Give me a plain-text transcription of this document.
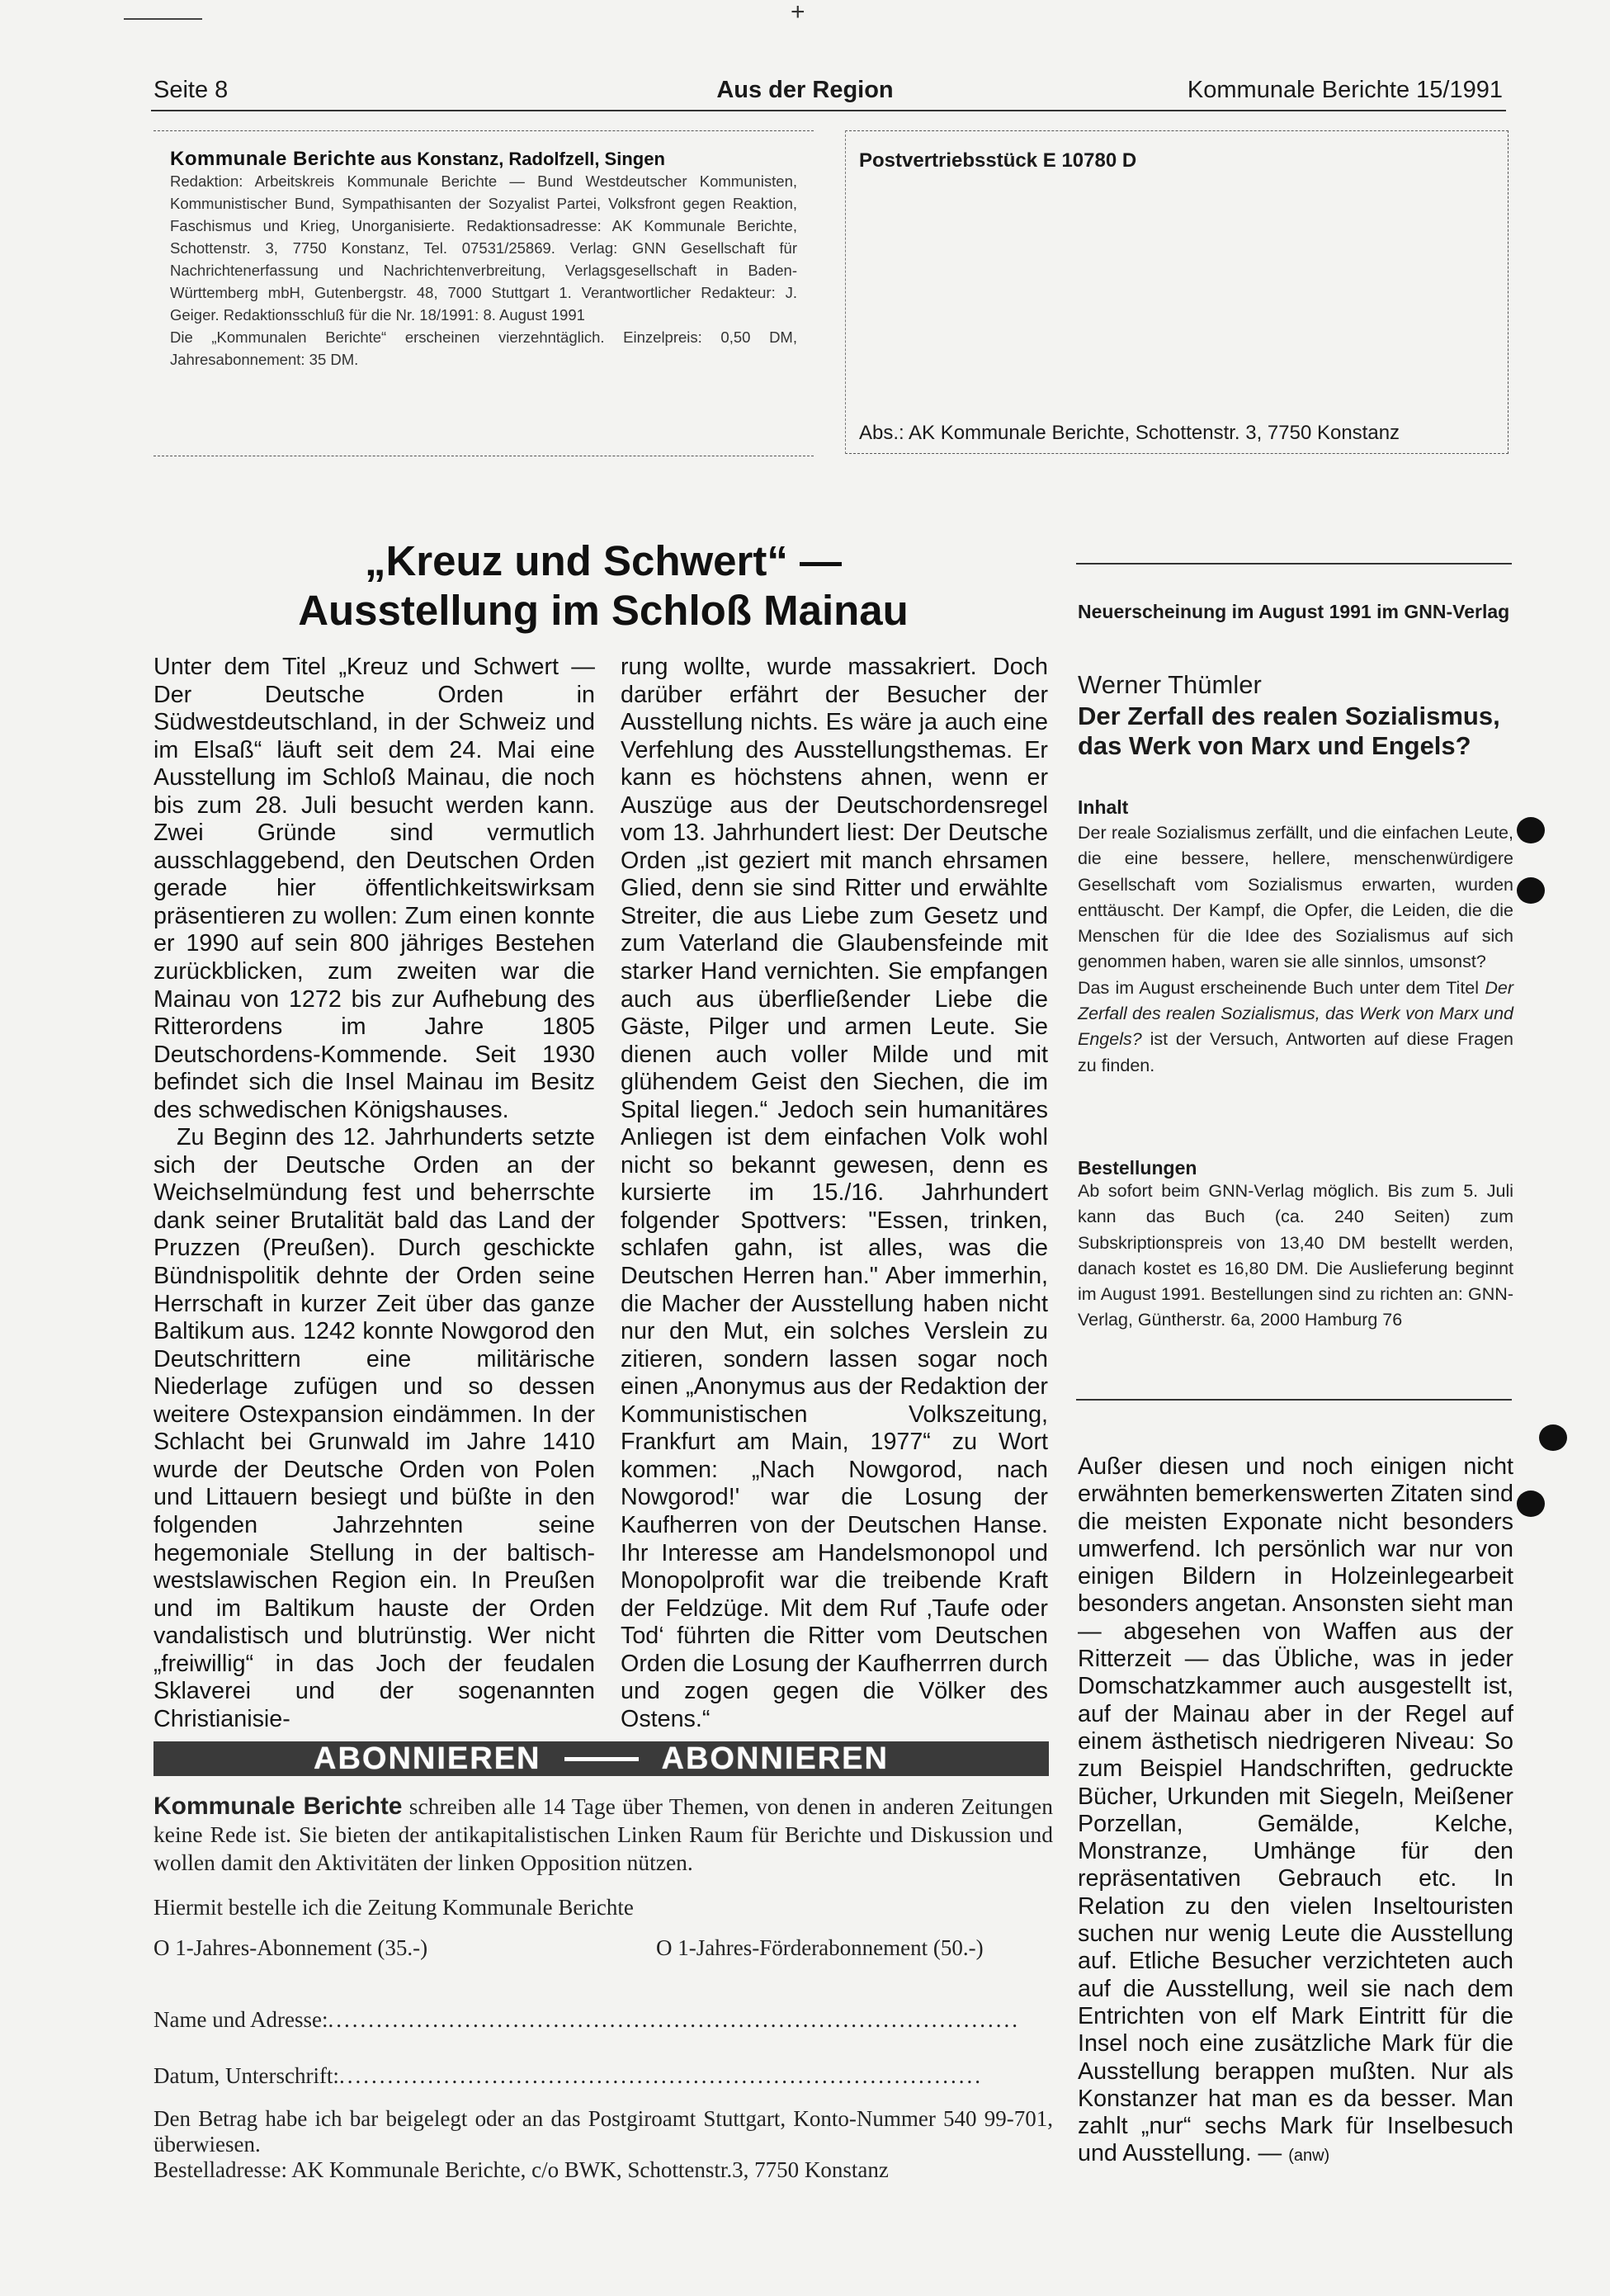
+
Seite 8	Aus der Region	Kommunale Berichte 15/1991
Kommunale Berichte aus Konstanz, Radolfzell, Singen

Redaktion: Arbeitskreis Kommunale Berichte — Bund Westdeutscher Kommunisten, Kommunistischer Bund, Sympathisanten der Sozyalist Partei, Volksfront gegen Reaktion, Faschismus und Krieg, Unorganisierte. Redaktionsadresse: AK Kommunale Berichte, Schottenstr. 3, 7750 Konstanz, Tel. 07531/25869. Verlag: GNN Gesellschaft für Nachrichtenerfassung und Nachrichtenverbreitung, Verlagsgesellschaft in Baden-Württemberg mbH, Gutenbergstr. 48, 7000 Stuttgart 1. Verantwortlicher Redakteur: J. Geiger. Redaktionsschluß für die Nr. 18/1991: 8. August 1991

Die „Kommunalen Berichte“ erscheinen vierzehntäglich. Einzelpreis: 0,50 DM, Jahresabonnement: 35 DM.

Postvertriebsstück E 10780 D
Abs.: AK Kommunale Berichte, Schottenstr. 3, 7750 Konstanz
„Kreuz und Schwert“ —
Ausstellung im Schloß Mainau

Unter dem Titel „Kreuz und Schwert — Der Deutsche Orden in Südwestdeutschland, in der Schweiz und im Elsaß“ läuft seit dem 24. Mai eine Ausstellung im Schloß Mainau, die noch bis zum 28. Juli besucht werden kann. Zwei Gründe sind vermutlich ausschlaggebend, den Deutschen Orden gerade hier öffentlichkeitswirksam präsentieren zu wollen: Zum einen konnte er 1990 auf sein 800 jähriges Bestehen zurückblicken, zum zweiten war die Mainau von 1272 bis zur Aufhebung des Ritterordens im Jahre 1805 Deutschordens-Kommende. Seit 1930 befindet sich die Insel Mainau im Besitz des schwedischen Königshauses.

Zu Beginn des 12. Jahrhunderts setzte sich der Deutsche Orden an der Weichselmündung fest und beherrschte dank seiner Brutalität bald das Land der Pruzzen (Preußen). Durch geschickte Bündnispolitik dehnte der Orden seine Herrschaft in kurzer Zeit über das ganze Baltikum aus. 1242 konnte Nowgorod den Deutschrittern eine militärische Niederlage zufügen und so dessen weitere Ostexpansion eindämmen. In der Schlacht bei Grunwald im Jahre 1410 wurde der Deutsche Orden von Polen und Littauern besiegt und büßte in den folgenden Jahrzehnten seine hegemoniale Stellung in der baltisch-westslawischen Region ein. In Preußen und im Baltikum hauste der Orden vandalistisch und blutrünstig. Wer nicht „freiwillig“ in das Joch der feudalen Sklaverei und der sogenannten Christianisie-

rung wollte, wurde massakriert. Doch darüber erfährt der Besucher der Ausstellung nichts. Es wäre ja auch eine Verfehlung des Ausstellungsthemas. Er kann es höchstens ahnen, wenn er Auszüge aus der Deutschordensregel vom 13. Jahrhundert liest: Der Deutsche Orden „ist geziert mit manch ehrsamen Glied, denn sie sind Ritter und erwählte Streiter, die aus Liebe zum Gesetz und zum Vaterland die Glaubensfeinde mit starker Hand vernichten. Sie empfangen auch aus überfließender Liebe die Gäste, Pilger und armen Leute. Sie dienen auch voller Milde und mit glühendem Geist den Siechen, die im Spital liegen.“ Jedoch sein humanitäres Anliegen ist dem einfachen Volk wohl nicht so bekannt gewesen, denn es kursierte im 15./16. Jahrhundert folgender Spottvers: "Essen, trinken, schlafen gahn, ist alles, was die Deutschen Herren han." Aber immerhin, die Macher der Ausstellung haben nicht nur den Mut, ein solches Verslein zu zitieren, sondern lassen sogar noch einen „Anonymus aus der Redaktion der Kommunistischen Volkszeitung, Frankfurt am Main, 1977“ zu Wort kommen: „Nach Nowgorod, nach Nowgorod!' war die Losung der Kaufherren von der Deutschen Hanse. Ihr Interesse am Handelsmonopol und Monopolprofit war die treibende Kraft der Feldzüge. Mit dem Ruf ‚Taufe oder Tod‘ führten die Ritter vom Deutschen Orden die Losung der Kaufherrren durch und zogen gegen die Völker des Ostens.“

Neuerscheinung im August 1991 im GNN-Verlag
Werner Thümler
Der Zerfall des realen Sozialismus, das Werk von Marx und Engels?
Inhalt

Der reale Sozialismus zerfällt, und die einfachen Leute, die eine bessere, hellere, menschenwürdigere Gesellschaft vom Sozialismus erwarten, wurden enttäuscht. Der Kampf, die Opfer, die Leiden, die die Menschen für die Idee des Sozialismus auf sich genommen haben, waren sie alle sinnlos, umsonst?

Das im August erscheinende Buch unter dem Titel Der Zerfall des realen Sozialismus, das Werk von Marx und Engels? ist der Versuch, Antworten auf diese Fragen zu finden.

Bestellungen
Ab sofort beim GNN-Verlag möglich. Bis zum 5. Juli kann das Buch (ca. 240 Seiten) zum Subskriptionspreis von 13,40 DM bestellt werden, danach kostet es 16,80 DM. Die Auslieferung beginnt im August 1991. Bestellungen sind zu richten an: GNN-Verlag, Güntherstr. 6a, 2000 Hamburg 76

Außer diesen und noch einigen nicht erwähnten bemerkenswerten Zitaten sind die meisten Exponate nicht besonders umwerfend. Ich persönlich war nur von einigen Bildern in Holzeinlegearbeit besonders angetan. Ansonsten sieht man — abgesehen von Waffen aus der Ritterzeit — das Übliche, was in jeder Domschatzkammer auch ausgestellt ist, auf der Mainau aber in der Regel auf einem ästhetisch niedrigeren Niveau: So zum Beispiel Handschriften, gedruckte Bücher, Urkunden mit Siegeln, Meißener Porzellan, Gemälde, Kelche, Monstranze, Umhänge für den repräsentativen Gebrauch etc. In Relation zu den vielen Inseltouristen suchen nur wenig Leute die Ausstellung auf. Etliche Besucher verzichteten auch auf die Ausstellung, weil sie nach dem Entrichten von elf Mark Eintritt für die Insel noch eine zusätzliche Mark für die Ausstellung berappen mußten. Nur als Konstanzer hat man es da besser. Man zahlt „nur“ sechs Mark für Inselbesuch und Ausstellung. — (anw)

ABONNIEREN	ABONNIEREN
Kommunale Berichte schreiben alle 14 Tage über Themen, von denen in anderen Zeitungen keine Rede ist. Sie bieten der antikapitalistischen Linken Raum für Berichte und Diskussion und wollen damit den Aktivitäten der linken Opposition nützen.
Hiermit bestelle ich die Zeitung Kommunale Berichte
O 1-Jahres-Abonnement (35.-)	O 1-Jahres-Förderabonnement (50.-)
Name und Adresse:......................................................................................
Datum, Unterschrift:................................................................................

Den Betrag habe ich bar beigelegt oder an das Postgiroamt Stuttgart, Konto-Nummer 540 99-701, überwiesen.

Bestelladresse: AK Kommunale Berichte, c/o BWK, Schottenstr.3, 7750 Konstanz
